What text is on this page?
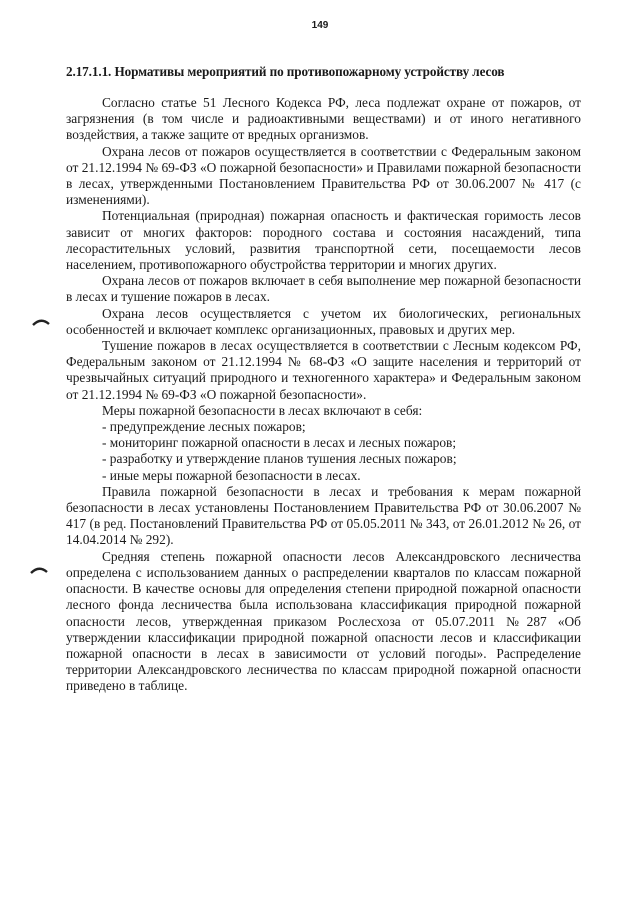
149
2.17.1.1. Нормативы мероприятий по противопожарному устройству лесов

Согласно статье 51 Лесного Кодекса РФ, леса подлежат охране от пожаров, от загрязнения (в том числе и радиоактивными веществами) и от иного негативного воздействия, а также защите от вредных организмов.

Охрана лесов от пожаров осуществляется в соответствии с Федеральным законом от 21.12.1994 № 69-ФЗ «О пожарной безопасности» и Правилами пожарной безопасности в лесах, утвержденными Постановлением Правительства РФ от 30.06.2007 № 417 (с изменениями).

Потенциальная (природная) пожарная опасность и фактическая горимость лесов зависит от многих факторов: породного состава и состояния насаждений, типа лесорастительных условий, развития транспортной сети, посещаемости лесов населением, противопожарного обустройства территории и многих других.

Охрана лесов от пожаров включает в себя выполнение мер пожарной безопасности в лесах и тушение пожаров в лесах.

Охрана лесов осуществляется с учетом их биологических, региональных особенностей и включает комплекс организационных, правовых и других мер.

Тушение пожаров в лесах осуществляется в соответствии с Лесным кодексом РФ, Федеральным законом от 21.12.1994 № 68-ФЗ «О защите населения и территорий от чрезвычайных ситуаций природного и техногенного характера» и Федеральным законом от 21.12.1994 № 69-ФЗ «О пожарной безопасности».

Меры пожарной безопасности в лесах включают в себя:

- предупреждение лесных пожаров;

- мониторинг пожарной опасности в лесах и лесных пожаров;

- разработку и утверждение планов тушения лесных пожаров;

- иные меры пожарной безопасности в лесах.

Правила пожарной безопасности в лесах и требования к мерам пожарной безопасности в лесах установлены Постановлением Правительства РФ от 30.06.2007 № 417 (в ред. Постановлений Правительства РФ от 05.05.2011 № 343, от 26.01.2012 № 26, от 14.04.2014 № 292).

Средняя степень пожарной опасности лесов Александровского лесничества определена с использованием данных о распределении кварталов по классам пожарной опасности. В качестве основы для определения степени природной пожарной опасности лесного фонда лесничества была использована классификация природной пожарной опасности лесов, утвержденная приказом Рослесхоза от 05.07.2011 №287 «Об утверждении классификации природной пожарной опасности лесов и классификации пожарной опасности в лесах в зависимости от условий погоды». Распределение территории Александровского лесничества по классам природной пожарной опасности приведено в таблице.
